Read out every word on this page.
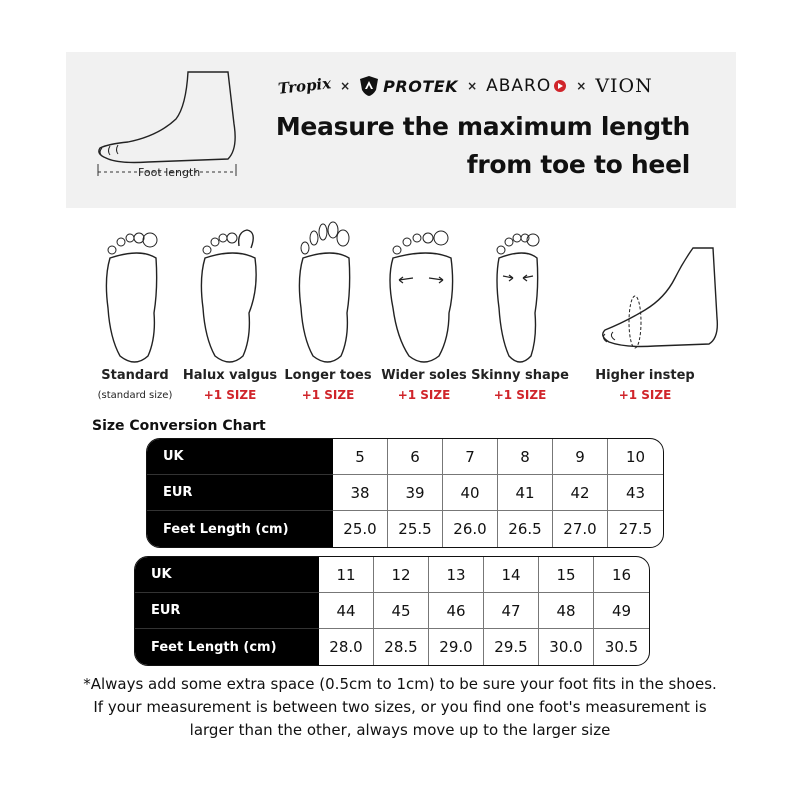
Foot length
Tropix × PROTEK × ABARO × VION
Measure the maximum length
from toe to heel
Standard
(standard size)
Halux valgus
+1 SIZE
Longer toes
+1 SIZE
Wider soles
+1 SIZE
Skinny shape
+1 SIZE
Higher instep
+1 SIZE
Size Conversion Chart
UK
EUR
Feet Length (cm)
5
38
25.0
6
39
25.5
7
40
26.0
8
41
26.5
9
42
27.0
10
43
27.5
UK
EUR
Feet Length (cm)
11
44
28.0
12
45
28.5
13
46
29.0
14
47
29.5
15
48
30.0
16
49
30.5
*Always add some extra space (0.5cm to 1cm) to be sure your foot fits in the shoes.
If your measurement is between two sizes, or you find one foot's measurement is
larger than the other, always move up to the larger size
